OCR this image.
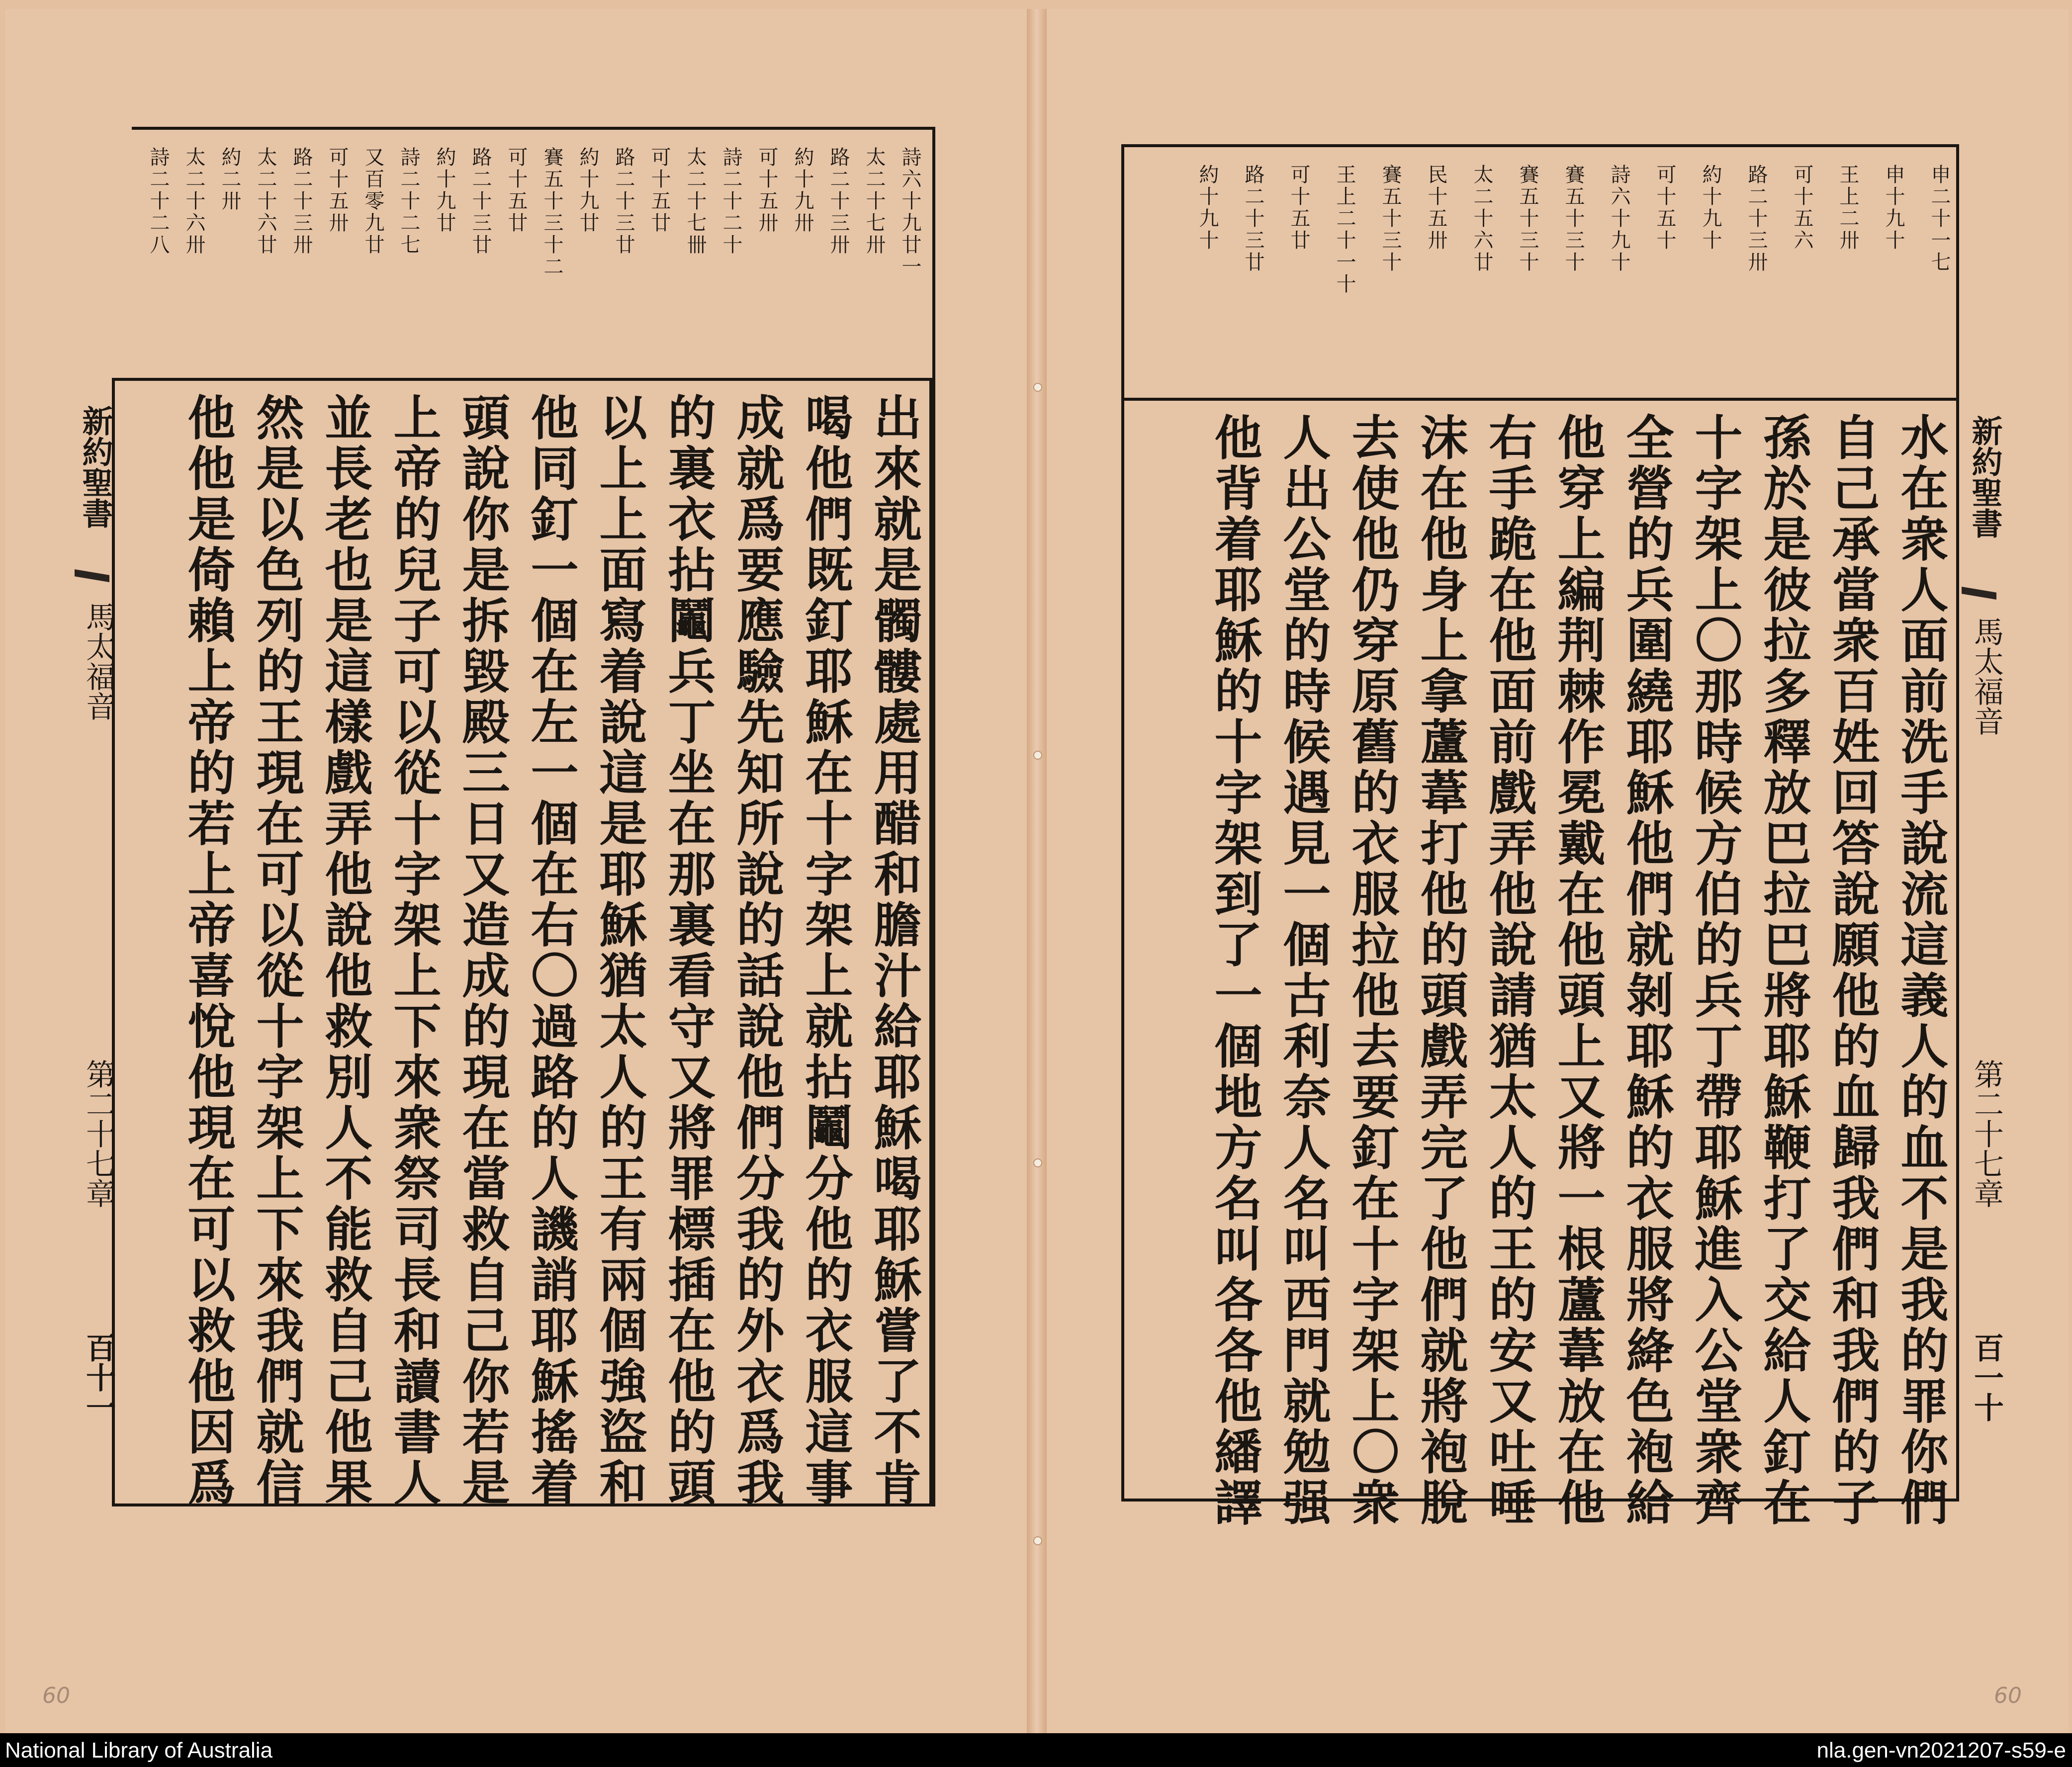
詩六十九廿一
太二十七卅
路二十三卅
約十九卅
可十五卅
詩二十二十
太二十七卌
可十五廿
路二十三廿
約十九廿
賽五十三十二
可十五廿
路二十三廿
約十九廿
詩二十二七
又百零九廿
可十五卅
路二十三卅
太二十六廿
約二卅
太二十六卅
詩二十二八
出來就是髑髏處用醋和膽汁給耶穌喝耶穌嘗了不肯
喝他們既釘耶穌在十字架上就拈鬮分他的衣服這事
成就爲要應驗先知所說的話說他們分我的外衣爲我
的裏衣拈鬮兵丁坐在那裏看守又將罪標插在他的頭
以上上面寫着說這是耶穌猶太人的王有兩個強盜和
他同釘一個在左一個在右〇過路的人譏誚耶穌搖着
頭說你是拆毀殿三日又造成的現在當救自己你若是
上帝的兒子可以從十字架上下來衆祭司長和讀書人
並長老也是這樣戲弄他說他救別人不能救自己他果
然是以色列的王現在可以從十字架上下來我們就信
他他是倚賴上帝的若上帝喜悅他現在可以救他因爲
新約聖書
馬太福音
第二十七章
百十一
60
申二十一七
申十九十
王上二卅
可十五六
路二十三卅
約十九十
可十五十
詩六十九十
賽五十三十
賽五十三十
太二十六廿
民十五卅
賽五十三十
王上二十一十
可十五廿
路二十三廿
約十九十
水在衆人面前洗手說流這義人的血不是我的罪你們
自己承當衆百姓回答說願他的血歸我們和我們的子
孫於是彼拉多釋放巴拉巴將耶穌鞭打了交給人釘在
十字架上〇那時候方伯的兵丁帶耶穌進入公堂衆齊
全營的兵圍繞耶穌他們就剝耶穌的衣服將絳色袍給
他穿上編荆棘作冕戴在他頭上又將一根蘆葦放在他
右手跪在他面前戲弄他說請猶太人的王的安又吐唾
沫在他身上拿蘆葦打他的頭戲弄完了他們就將袍脫
去使他仍穿原舊的衣服拉他去要釘在十字架上〇衆
人出公堂的時候遇見一個古利奈人名叫西門就勉强
他背着耶穌的十字架到了一個地方名叫各各他繙譯	新約聖書
馬太福音
第二十七章
百一十
60
National Library of Australia	nla.gen-vn2021207-s59-e
